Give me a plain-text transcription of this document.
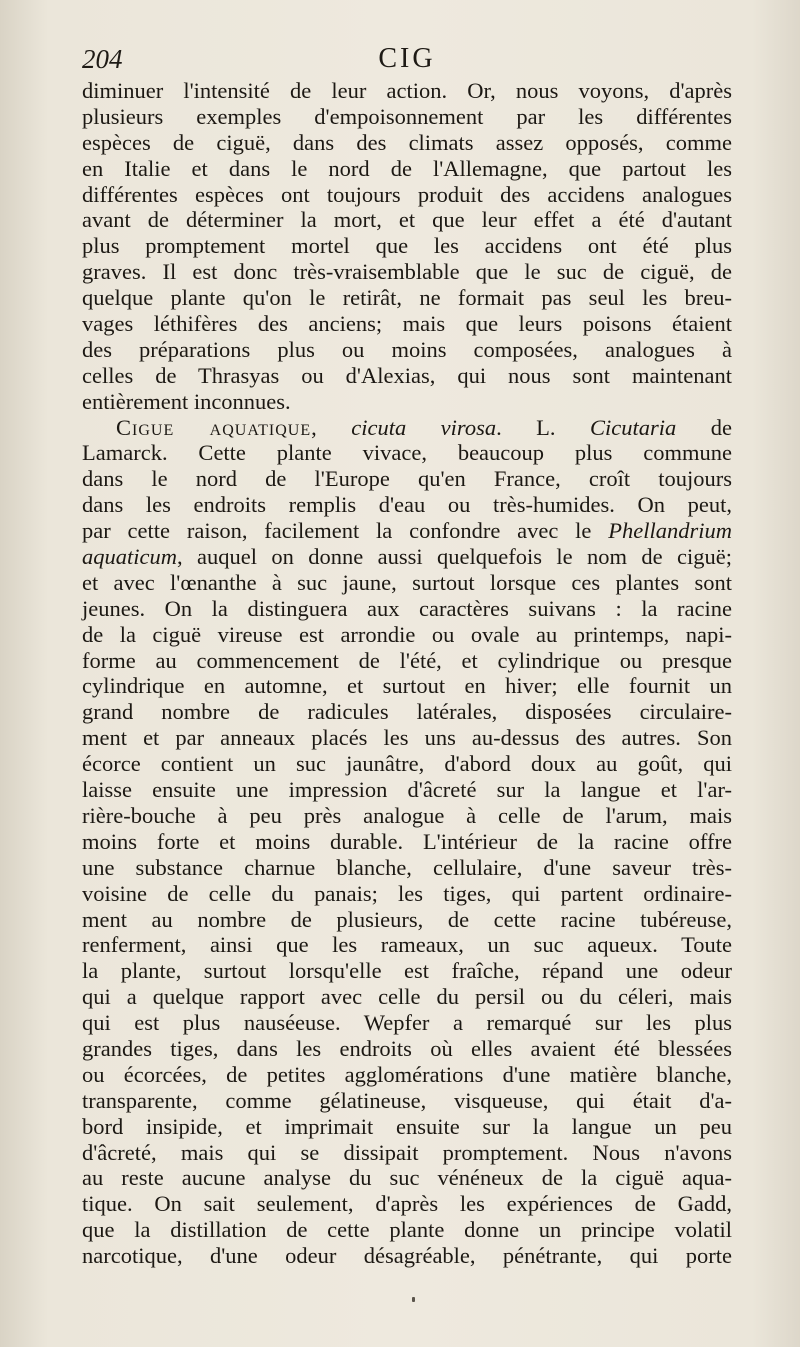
204	CIG
diminuer l'intensité de leur action. Or, nous voyons, d'après
plusieurs exemples d'empoisonnement par les différentes
espèces de ciguë, dans des climats assez opposés, comme
en Italie et dans le nord de l'Allemagne, que partout les
différentes espèces ont toujours produit des accidens analogues
avant de déterminer la mort, et que leur effet a été d'autant
plus promptement mortel que les accidens ont été plus
graves. Il est donc très-vraisemblable que le suc de ciguë, de
quelque plante qu'on le retirât, ne formait pas seul les breu-
vages léthifères des anciens; mais que leurs poisons étaient
des préparations plus ou moins composées, analogues à
celles de Thrasyas ou d'Alexias, qui nous sont maintenant
entièrement inconnues.
Cigue aquatique, cicuta virosa. L. Cicutaria de
Lamarck. Cette plante vivace, beaucoup plus commune
dans le nord de l'Europe qu'en France, croît toujours
dans les endroits remplis d'eau ou très-humides. On peut,
par cette raison, facilement la confondre avec le Phellandrium
aquaticum, auquel on donne aussi quelquefois le nom de ciguë;
et avec l'œnanthe à suc jaune, surtout lorsque ces plantes sont
jeunes. On la distinguera aux caractères suivans : la racine
de la ciguë vireuse est arrondie ou ovale au printemps, napi-
forme au commencement de l'été, et cylindrique ou presque
cylindrique en automne, et surtout en hiver; elle fournit un
grand nombre de radicules latérales, disposées circulaire-
ment et par anneaux placés les uns au-dessus des autres. Son
écorce contient un suc jaunâtre, d'abord doux au goût, qui
laisse ensuite une impression d'âcreté sur la langue et l'ar-
rière-bouche à peu près analogue à celle de l'arum, mais
moins forte et moins durable. L'intérieur de la racine offre
une substance charnue blanche, cellulaire, d'une saveur très-
voisine de celle du panais; les tiges, qui partent ordinaire-
ment au nombre de plusieurs, de cette racine tubéreuse,
renferment, ainsi que les rameaux, un suc aqueux. Toute
la plante, surtout lorsqu'elle est fraîche, répand une odeur
qui a quelque rapport avec celle du persil ou du céleri, mais
qui est plus nauséeuse. Wepfer a remarqué sur les plus
grandes tiges, dans les endroits où elles avaient été blessées
ou écorcées, de petites agglomérations d'une matière blanche,
transparente, comme gélatineuse, visqueuse, qui était d'a-
bord insipide, et imprimait ensuite sur la langue un peu
d'âcreté, mais qui se dissipait promptement. Nous n'avons
au reste aucune analyse du suc vénéneux de la ciguë aqua-
tique. On sait seulement, d'après les expériences de Gadd,
que la distillation de cette plante donne un principe volatil
narcotique, d'une odeur désagréable, pénétrante, qui porte
